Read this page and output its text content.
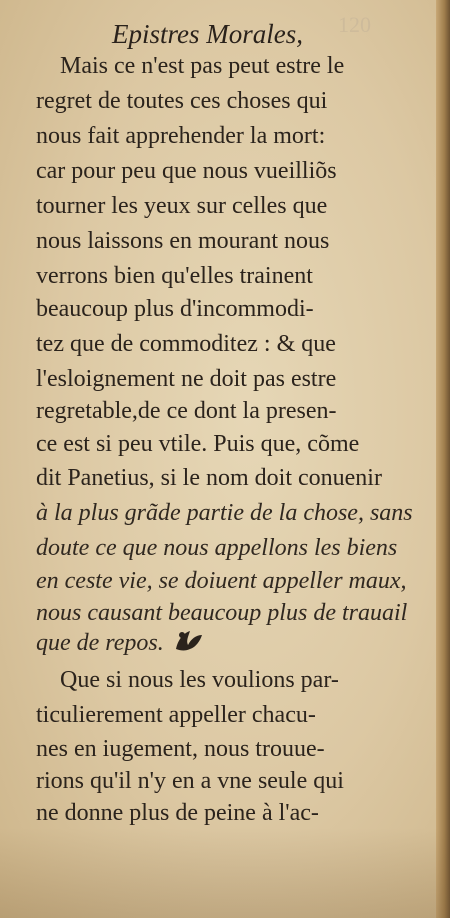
120
Epistres Morales,
Mais ce n'est pas peut estre le
regret de toutes ces choses qui
nous fait apprehender la mort:
car pour peu que nous vueilliõs
tourner les yeux sur celles que
nous laissons en mourant nous
verrons bien qu'elles trainent
beaucoup plus d'incommodi-
tez que de commoditez : & que
l'esloignement ne doit pas estre
regretable,de ce dont la presen-
ce est si peu vtile. Puis que, cõme
dit Panetius, si le nom doit conuenir
à la plus grãde partie de la chose, sans
doute ce que nous appellons les biens
en ceste vie, se doiuent appeller maux,
nous causant beaucoup plus de trauail
que de repos.
Que si nous les voulions par-
ticulierement appeller chacu-
nes en iugement, nous trouue-
rions qu'il n'y en a vne seule qui
ne donne plus de peine à l'ac-
